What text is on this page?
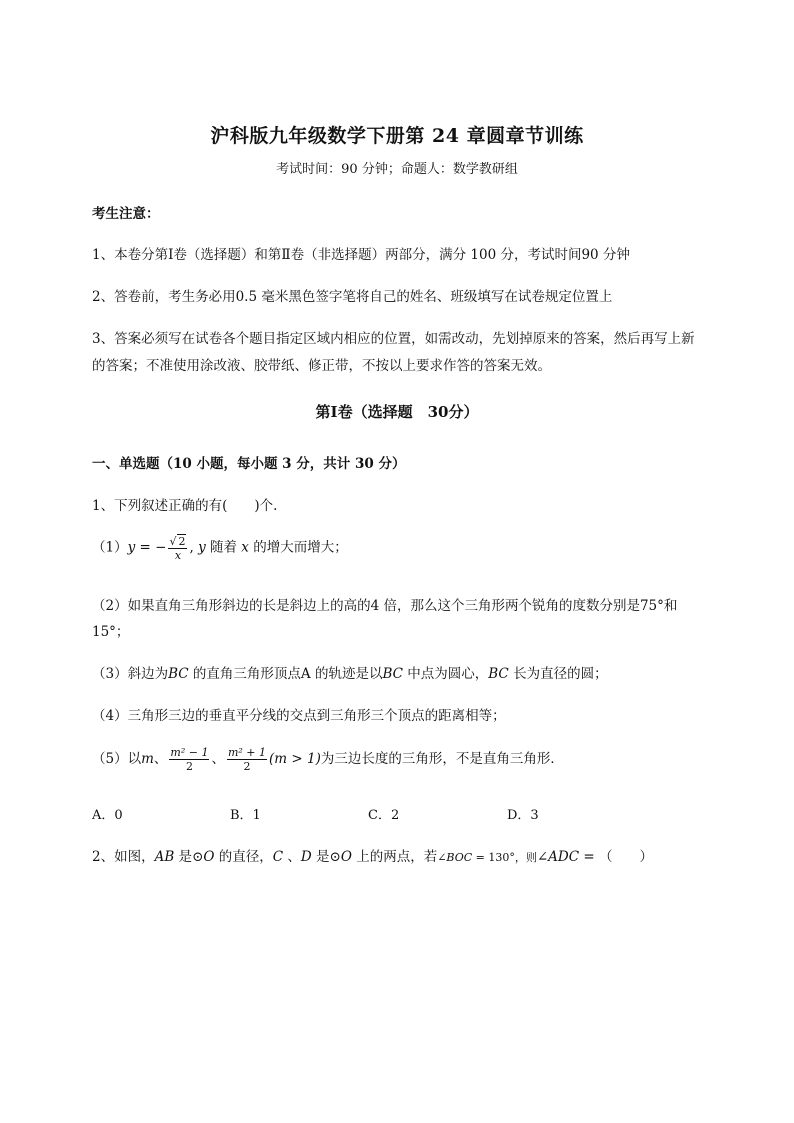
沪科版九年级数学下册第 24 章圆章节训练
考试时间：90 分钟；命题人：数学教研组
考生注意：
1、本卷分第Ⅰ卷（选择题）和第Ⅱ卷（非选择题）两部分，满分 100 分，考试时间90 分钟
2、答卷前，考生务必用0.5 毫米黑色签字笔将自己的姓名、班级填写在试卷规定位置上
3、答案必须写在试卷各个题目指定区域内相应的位置，如需改动，先划掉原来的答案，然后再写上新
的答案；不准使用涂改液、胶带纸、修正带，不按以上要求作答的答案无效。
第Ⅰ卷（选择题　30分）
一、单选题（10 小题，每小题 3 分，共计 30 分）
1、下列叙述正确的有(　　)个.
（1）y = − $\frac{√ 2}{x}$ , y 随着 x 的增大而增大；
（2）如果直角三角形斜边的长是斜边上的高的4 倍，那么这个三角形两个锐角的度数分别是75°和
15°；
（3）斜边为BC 的直角三角形顶点A 的轨迹是以BC 中点为圆心，BC 长为直径的圆；
（4）三角形三边的垂直平分线的交点到三角形三个顶点的距离相等；
（5）以m、 $\frac{\text{m² − 1}}{2}$ 、 $\frac{\text{m² + 1}}{2} (m > 1)$为三边长度的三角形，不是直角三角形．
A．0	B．1	C．2	D．3
2、如图，AB 是⊙O 的直径，C 、D 是⊙O 上的两点，若∠BOC = 130°，则∠ADC = （　　）
